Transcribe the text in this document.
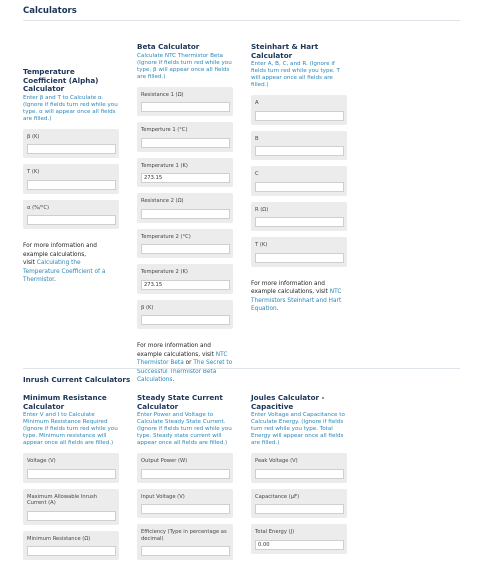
Calculators
Temperature Coefficient (Alpha) Calculator
Enter β and T to Calculate α. (Ignore if fields turn red while you type. α will appear once all fields are filled.)
β (K)
T (K)
α (%/°C)
For more information and example calculations,
visit Calculating the Temperature Coefficient of a Thermistor.
Beta Calculator
Calculate NTC Thermistor Beta (Ignore if fields turn red while you type. β will appear once all fields are filled.)
Resistance 1 (Ω)
Temperture 1 (°C)
Temperature 1 (K)
273.15
Resistance 2 (Ω)
Temperature 2 (°C)
Temperature 2 (K)
273.15
β (K)
For more information and example calculations, visit NTC Thermistor Beta or The Secret to Successful Thermistor Beta Calculations.
Steinhart & Hart Calculator
Enter A, B, C, and R. (Ignore if fields turn red while you type. T will appear once all fields are filled.)
A
B
C
R (Ω)
T (K)
For more information and example calculations, visit NTC Thermistors Steinhart and Hart Equation.
Inrush Current Calculators
Minimum Resistance Calculator
Enter V and I to Calculate Minimum Resistance Required (Ignore if fields turn red while you type. Minimum resistance will appear once all fields are filled.)
Voltage (V)
Maximum Allowable Inrush Current (A)
Minimum Resistance (Ω)
Steady State Current Calculator
Enter Power and Voltage to Calculate Steady State Current. (Ignore if fields turn red while you type. Steady state current will appear once all fields are filled.)
Output Power (W)
Input Voltage (V)
Efficiency (Type in percentage as decimal)
Joules Calculator - Capacitive
Enter Voltage and Capacitance to Calculate Energy. (Ignore if fields turn red while you type. Total Energy will appear once all fields are filled.)
Peak Voltage (V)
Capacitance (µF)
Total Energy (J)
0.00
